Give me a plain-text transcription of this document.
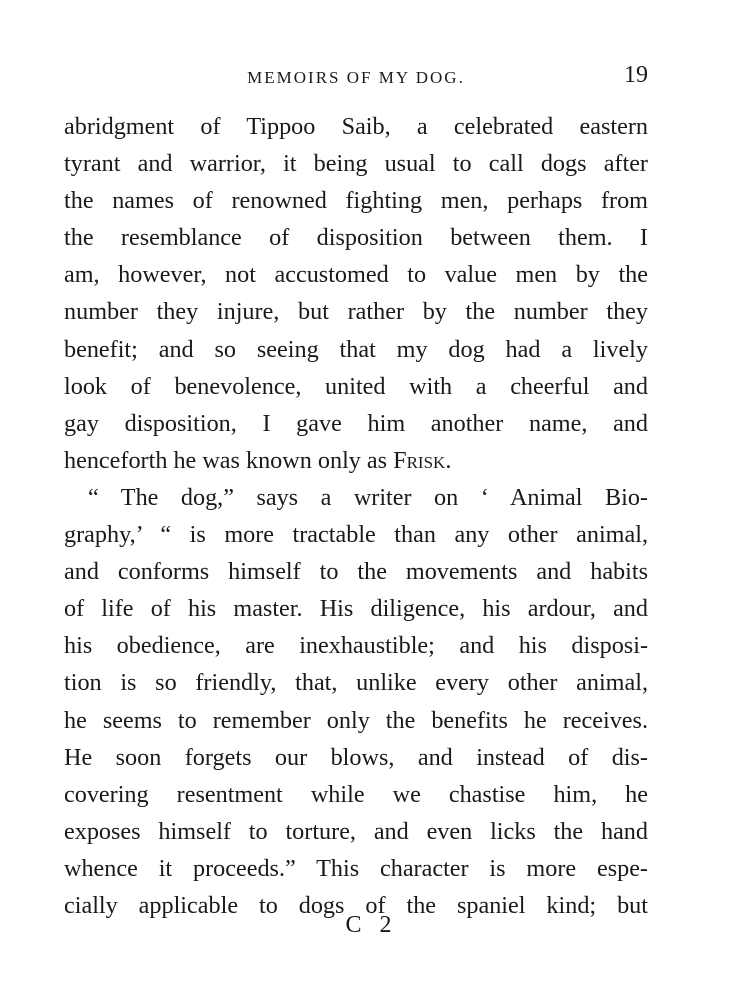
MEMOIRS OF MY DOG.	19
abridgment of Tippoo Saib, a celebrated eastern
tyrant and warrior, it being usual to call dogs after
the names of renowned fighting men, perhaps from
the resemblance of disposition between them. I
am, however, not accustomed to value men by the
number they injure, but rather by the number they
benefit; and so seeing that my dog had a lively
look of benevolence, united with a cheerful and
gay disposition, I gave him another name, and
henceforth he was known only as Frisk.
“ The dog,” says a writer on ‘ Animal Bio-
graphy,’ “ is more tractable than any other animal,
and conforms himself to the movements and habits
of life of his master. His diligence, his ardour, and
his obedience, are inexhaustible; and his disposi-
tion is so friendly, that, unlike every other animal,
he seems to remember only the benefits he receives.
He soon forgets our blows, and instead of dis-
covering resentment while we chastise him, he
exposes himself to torture, and even licks the hand
whence it proceeds.” This character is more espe-
cially applicable to dogs of the spaniel kind; but
C 2
